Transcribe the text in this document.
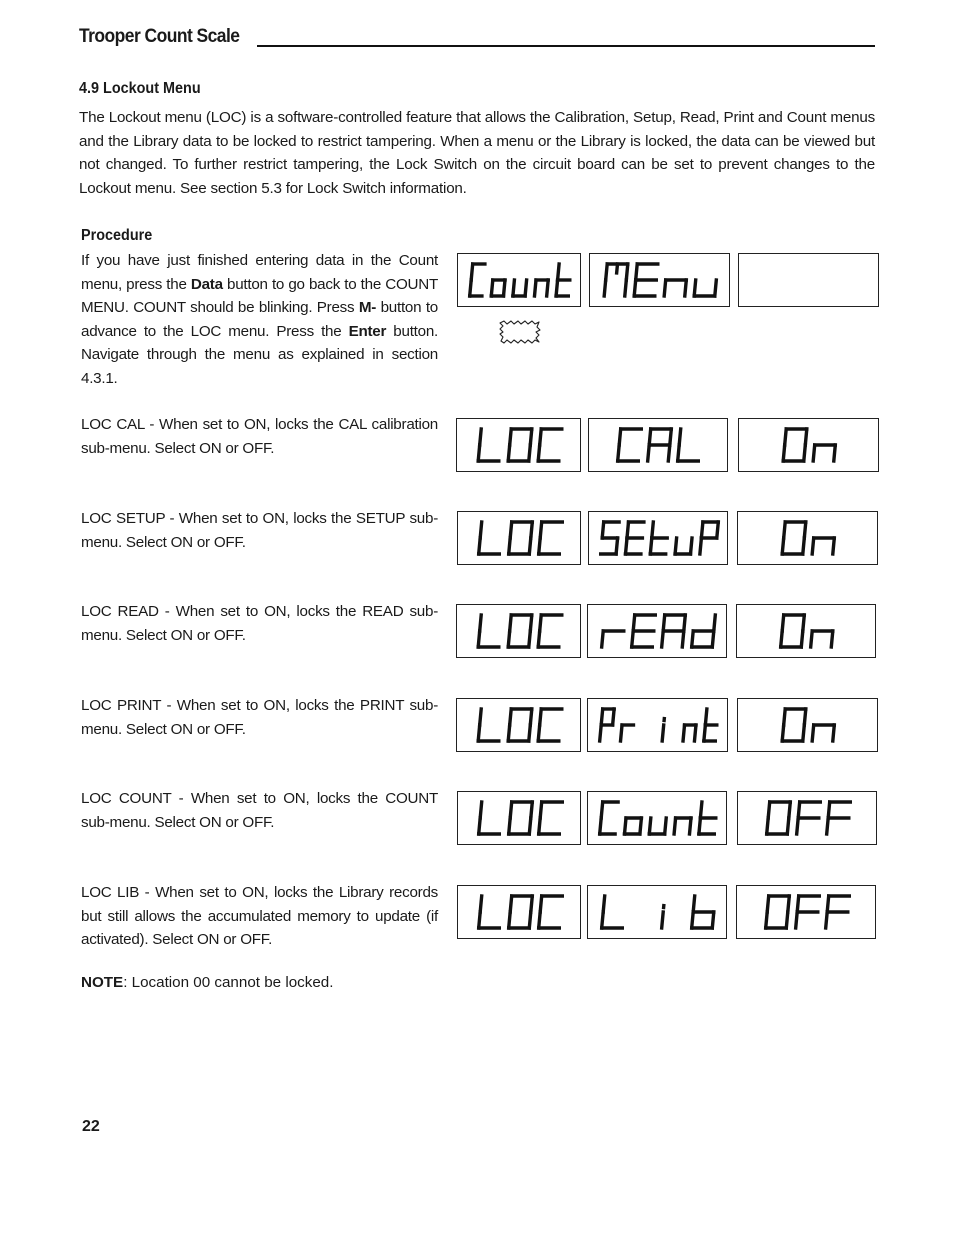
Trooper Count Scale
4.9 Lockout Menu

The Lockout menu (LOC) is a software-controlled feature that allows the Calibration, Setup, Read, Print and Count menus and the Library data to be locked to restrict tampering. When a menu or the Library is locked, the data can be viewed but not changed. To further restrict tampering, the Lock Switch on the circuit board can be set to prevent changes to the Lockout menu. See section 5.3 for Lock Switch information.

Procedure

If you have just finished entering data in the Count menu, press the Data button to go back to the COUNT MENU. COUNT should be blinking. Press M- button to advance to the LOC menu. Press the Enter button. Navigate through the menu as explained in section 4.3.1.

LOC CAL - When set to ON, locks the CAL calibration sub-menu. Select ON or OFF.

LOC SETUP - When set to ON, locks the SETUP sub-menu. Select ON or OFF.

LOC READ - When set to ON, locks the READ sub-menu. Select ON or OFF.

LOC PRINT - When set to ON, locks the PRINT sub-menu. Select ON or OFF.

LOC COUNT - When set to ON, locks the COUNT sub-menu. Select ON or OFF.

LOC LIB - When set to ON, locks the Library records but still allows the accumulated memory to update (if activated). Select ON or OFF.

NOTE: Location 00 cannot be locked.
22
